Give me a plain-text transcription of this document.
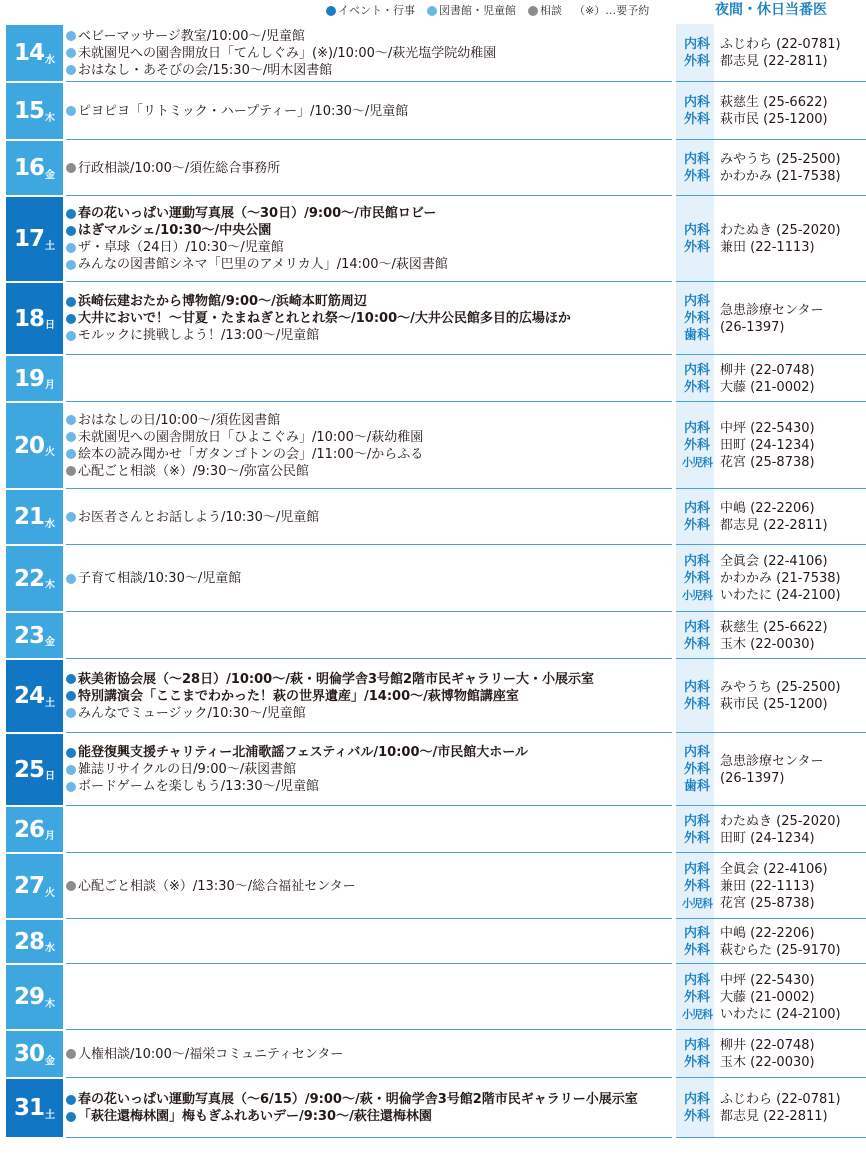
イベント・行事 図書館・児童館 相談 （※）…要予約	夜間・休日当番医
14 水
ベビーマッサージ教室/10:00～/児童館
未就園児への園舎開放日「てんしぐみ」(※)/10:00～/萩光塩学院幼稚園
おはなし・あそびの会/15:30～/明木図書館
内科 ふじわら (22-0781)
外科 都志見 (22-2811)
15 木 ピヨピヨ「リトミック・ハープティー」/10:30～/児童館
内科 萩慈生 (25-6622)
外科 萩市民 (25-1200)
16 金 行政相談/10:00～/須佐総合事務所
内科 みやうち (25-2500)
外科 かわかみ (21-7538)
17 土
春の花いっぱい運動写真展（～30日）/9:00～/市民館ロビー
はぎマルシェ/10:30～/中央公園
ザ・卓球（24日）/10:30～/児童館
みんなの図書館シネマ「巴里のアメリカ人」/14:00～/萩図書館
内科 わたぬき (25-2020)
外科 兼田 (22-1113)
18 日
浜崎伝建おたから博物館/9:00～/浜崎本町筋周辺
大井においで！～甘夏・たまねぎとれとれ祭～/10:00～/大井公民館多目的広場ほか
モルックに挑戦しよう！/13:00～/児童館
内科
外科
急患診療センター
歯科
(26-1397)
19 月
内科 柳井 (22-0748)
外科 大藤 (21-0002)
20 火
おはなしの日/10:00～/須佐図書館
未就園児への園舎開放日「ひよこぐみ」/10:00～/萩幼稚園
絵本の読み聞かせ「ガタンゴトンの会」/11:00～/からふる
心配ごと相談（※）/9:30～/弥富公民館
内科 中坪 (22-5430)
外科 田町 (24-1234)
小児科 花宮 (25-8738)
21 水 お医者さんとお話しよう/10:30～/児童館
内科 中嶋 (22-2206)
外科 都志見 (22-2811)
22 木 子育て相談/10:30～/児童館
内科 全眞会 (22-4106)
外科 かわかみ (21-7538)
小児科 いわたに (24-2100)
23 金
内科 萩慈生 (25-6622)
外科 玉木 (22-0030)
24 土
萩美術協会展（～28日）/10:00～/萩・明倫学舎3号館2階市民ギャラリー大・小展示室
特別講演会「ここまでわかった！萩の世界遺産」/14:00～/萩博物館講座室
みんなでミュージック/10:30～/児童館
内科 みやうち (25-2500)
外科 萩市民 (25-1200)
25 日
能登復興支援チャリティー北浦歌謡フェスティバル/10:00～/市民館大ホール
雑誌リサイクルの日/9:00～/萩図書館
ボードゲームを楽しもう/13:30～/児童館
内科
外科
急患診療センター
歯科
(26-1397)
26 月
内科 わたぬき (25-2020)
外科 田町 (24-1234)
27 火 心配ごと相談（※）/13:30～/総合福祉センター
内科 全眞会 (22-4106)
外科 兼田 (22-1113)
小児科 花宮 (25-8738)
28 水
内科 中嶋 (22-2206)
外科 萩むらた (25-9170)
29 木
内科 中坪 (22-5430)
外科 大藤 (21-0002)
小児科 いわたに (24-2100)
30 金 人権相談/10:00～/福栄コミュニティセンター
内科 柳井 (22-0748)
外科 玉木 (22-0030)
31 土
春の花いっぱい運動写真展（～6/15）/9:00～/萩・明倫学舎3号館2階市民ギャラリー小展示室
「萩往還梅林園」梅もぎふれあいデー/9:30～/萩往還梅林園
内科 ふじわら (22-0781)
外科 都志見 (22-2811)
